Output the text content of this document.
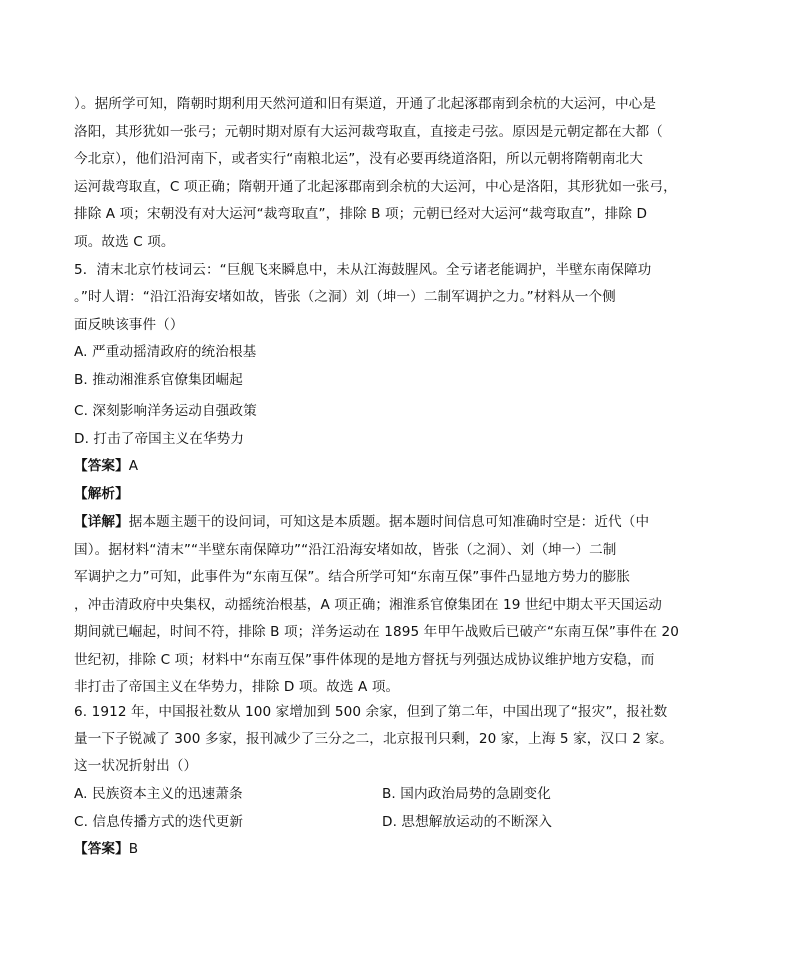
）。据所学可知，隋朝时期利用天然河道和旧有渠道，开通了北起涿郡南到余杭的大运河，中心是
洛阳，其形犹如一张弓；元朝时期对原有大运河裁弯取直，直接走弓弦。原因是元朝定都在大都（
今北京），他们沿河南下，或者实行“南粮北运”，没有必要再绕道洛阳，所以元朝将隋朝南北大
运河裁弯取直，C 项正确；隋朝开通了北起涿郡南到余杭的大运河，中心是洛阳，其形犹如一张弓，
排除 A 项；宋朝没有对大运河“裁弯取直”，排除 B 项；元朝已经对大运河“裁弯取直”，排除 D
项。故选 C 项。
5．清末北京竹枝词云：“巨舰飞来瞬息中，未从江海鼓腥风。全亏诸老能调护，半壁东南保障功
。”时人谓：“沿江沿海安堵如故，皆张（之洞）刘（坤一）二制军调护之力。”材料从一个侧
面反映该事件（）
A. 严重动摇清政府的统治根基
B. 推动湘淮系官僚集团崛起
C. 深刻影响洋务运动自强政策
D. 打击了帝国主义在华势力
【答案】A
【解析】
【详解】据本题主题干的设问词，可知这是本质题。据本题时间信息可知准确时空是：近代（中
国）。据材料“清末”“半壁东南保障功”“沿江沿海安堵如故，皆张（之洞）、刘（坤一）二制
军调护之力”可知，此事件为“东南互保”。结合所学可知“东南互保”事件凸显地方势力的膨胀
，冲击清政府中央集权，动摇统治根基，A 项正确；湘淮系官僚集团在 19 世纪中期太平天国运动
期间就已崛起，时间不符，排除 B 项；洋务运动在 1895 年甲午战败后已破产“东南互保”事件在 20
世纪初，排除 C 项；材料中“东南互保”事件体现的是地方督抚与列强达成协议维护地方安稳，而
非打击了帝国主义在华势力，排除 D 项。故选 A 项。
6. 1912 年，中国报社数从 100 家增加到 500 余家，但到了第二年，中国出现了“报灾”，报社数
量一下子锐减了 300 多家，报刊减少了三分之二，北京报刊只剩，20 家，上海 5 家，汉口 2 家。
这一状况折射出（）
A. 民族资本主义的迅速萧条	B. 国内政治局势的急剧变化
C. 信息传播方式的迭代更新	D. 思想解放运动的不断深入
【答案】B
